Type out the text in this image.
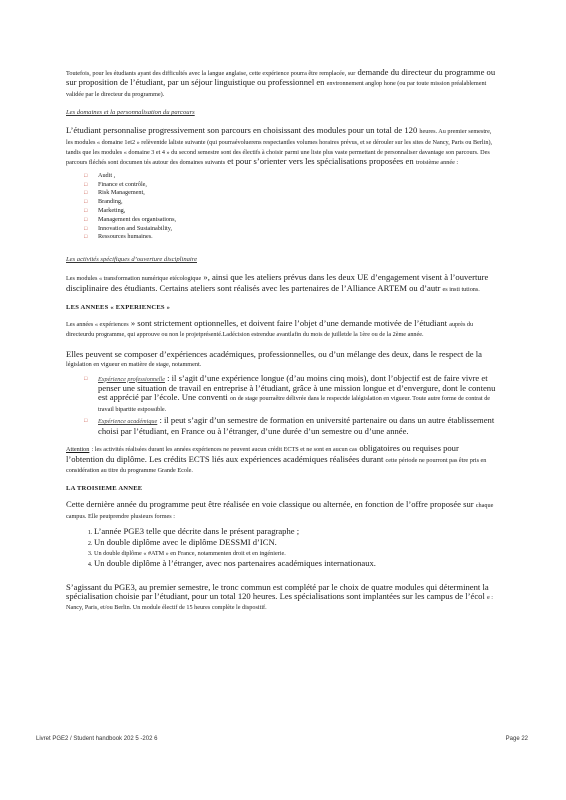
Toutefois, pour les étudiants ayant des difficultés avec la langue anglaise, cette expérience pourra être remplacée, sur demande du directeur du programme ou sur proposition de l’étudiant, par un séjour linguistique ou professionnel en environnement anglop hone (ou par toute mission préalablement validée par le directeur du programme).

Les domaines et la personnalisation du parcours

L’étudiant personnalise progressivement son parcours en choisissant des modules pour un total de 120 heures. Au premier semestre, les modules « domaine 1et2 » relèventde laliste suivante (qui pourraévoluerens respectantles volumes horaires prévus, et se dérouler sur les sites de Nancy, Paris ou Berlin), tandis que les modules « domaine 3 et 4 » du second semestre sont des électifs à choisir parmi une liste plus vaste permettant de personnaliser davantage son parcours. Des parcours fléchés sont documen tés autour des domaines suivants et pour s’orienter vers les spécialisations proposées en troisième année :

□ Audit ,
□ Finance et contrôle,
□ Risk Management,
□ Branding,
□ Marketing,
□ Management des organisations,
□ Innovation and Sustainability,
□ Ressources humaines.
Les activités spécifiques d’ouverture disciplinaire

Les modules « transformation numérique etécologique », ainsi que les ateliers prévus dans les deux UE d’engagement visent à l’ouverture disciplinaire des étudiants. Certains ateliers sont réalisés avec les partenaires de l’Alliance ARTEM ou d’autr es insti tutions.

LES ANNEES « EXPERIENCES »

Les années « expériences » sont strictement optionnelles, et doivent faire l’objet d’une demande motivée de l’étudiant auprès du directeurdu programme, qui approuve ou non le projetprésenté.Ladécision estrendue avantlafin du mois de juilletde la 1ère ou de la 2ème année.

Elles peuvent se composer d’expériences académiques, professionnelles, ou d’un mélange des deux, dans le respect de la législation en vigueur en matière de stage, notamment.

□ Expérience professionnelle : il s’agit d’une expérience longue (d’au moins cinq mois), dont l’objectif est de faire vivre et penser une situation de travail en entreprise à l’étudiant, grâce à une mission longue et d’envergure, dont le contenu est apprécié par l’école. Une conventi on de stage pourraêtre délivrée dans le respectde lalégislation en vigueur. Toute autre forme de contrat de travail bipartite estpossible.
□ Expérience académique : il peut s’agir d’un semestre de formation en université partenaire ou dans un autre établissement choisi par l’étudiant, en France ou à l’étranger, d’une durée d’un semestre ou d’une année.

Attention : les activités réalisées durant les années expériences ne peuvent aucun crédit ECTS et ne sont en aucun cas obligatoires ou requises pour l’obtention du diplôme. Les crédits ECTS liés aux expériences académiques réalisées durant cette période ne pourront pas être pris en considération au titre du programme Grande Ecole.

LA TROISIEME ANNEE

Cette dernière année du programme peut être réalisée en voie classique ou alternée, en fonction de l’offre proposée sur chaque campus. Elle peutprendre plusieurs formes :

1. L’année PGE3 telle que décrite dans le présent paragraphe ;
2. Un double diplôme avec le diplôme DESSMI d’ICN.
3. Un double diplôme « #ATM » en France, notammenten droit et en ingénierie.
4. Un double diplôme à l’étranger, avec nos partenaires académiques internationaux.

S’agissant du PGE3, au premier semestre, le tronc commun est complété par le choix de quatre modules qui déterminent la spécialisation choisie par l’étudiant, pour un total 120 heures. Les spécialisations sont implantées sur les campus de l’écol e : Nancy, Paris, et/ou Berlin. Un module électif de 15 heures complète le dispositif.

Livret PGE2 / Student handbook 202 5 -202 6	Page 22
